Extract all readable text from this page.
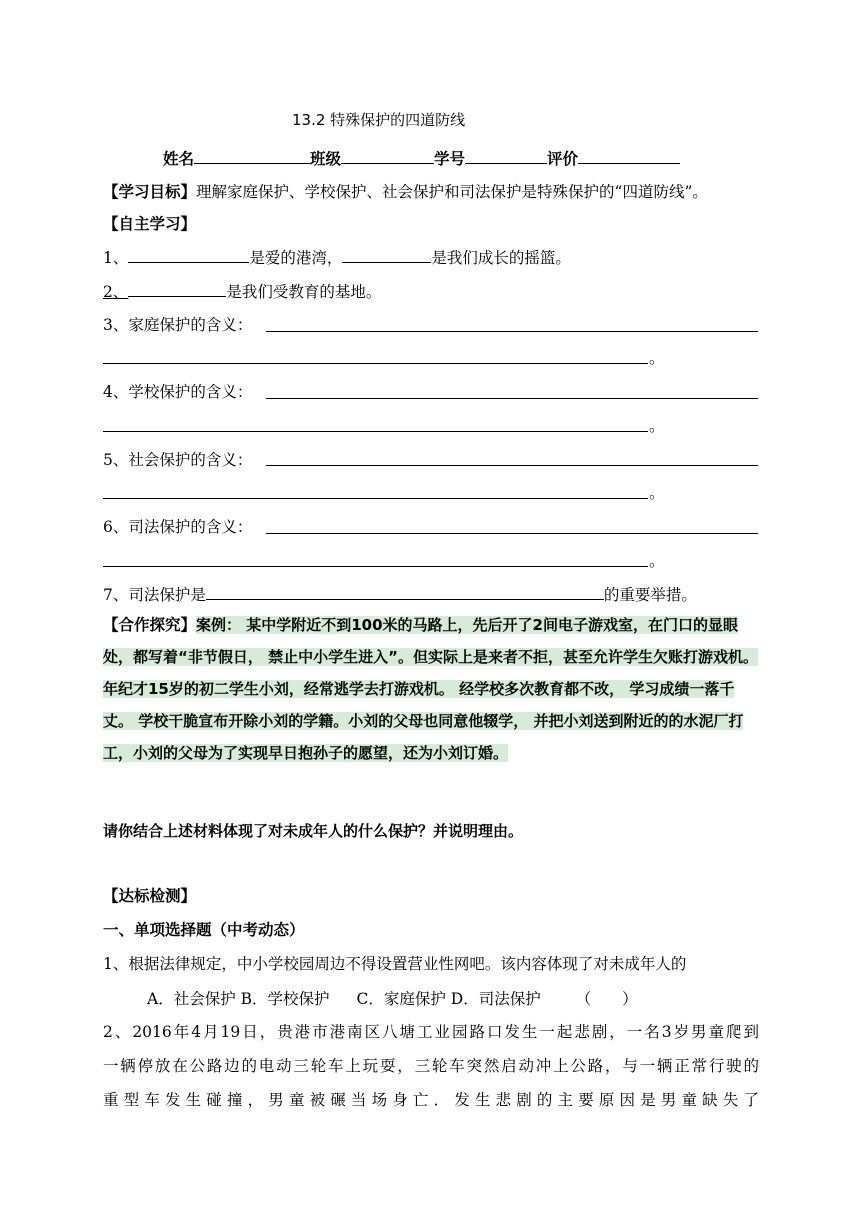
13.2 特殊保护的四道防线
姓名	班级	学号	评价
【学习目标】理解家庭保护、学校保护、社会保护和司法保护是特殊保护的“四道防线”。
【自主学习】
1、	是爱的港湾，	是我们成长的摇篮。
2、	是我们受教育的基地。
3、家庭保护的含义：
。
4、学校保护的含义：
。
5、社会保护的含义：
。
6、司法保护的含义：
。
7、司法保护是	的重要举措。
【合作探究】案例： 某中学附近不到100米的马路上，先后开了2间电子游戏室，在门口的显眼处，都写着“非节假日， 禁止中小学生进入”。但实际上是来者不拒，甚至允许学生欠账打游戏机。年纪才15岁的初二学生小刘，经常逃学去打游戏机。 经学校多次教育都不改， 学习成绩一落千丈。 学校干脆宣布开除小刘的学籍。小刘的父母也同意他辍学， 并把小刘送到附近的的水泥厂打工，小刘的父母为了实现早日抱孙子的愿望，还为小刘订婚。
请你结合上述材料体现了对未成年人的什么保护？并说明理由。
【达标检测】
一、单项选择题（中考动态）
1、根据法律规定，中小学校园周边不得设置营业性网吧。该内容体现了对未成年人的
A．社会保护 B．学校保护 C．家庭保护 D．司法保护 （　　）
2、2016年4月19日，贵港市港南区八塘工业园路口发生一起悲剧，一名3岁男童爬到
一辆停放在公路边的电动三轮车上玩耍，三轮车突然启动冲上公路，与一辆正常行驶的
重型车发生碰撞，男童被碾当场身亡．发生悲剧的主要原因是男童缺失了
